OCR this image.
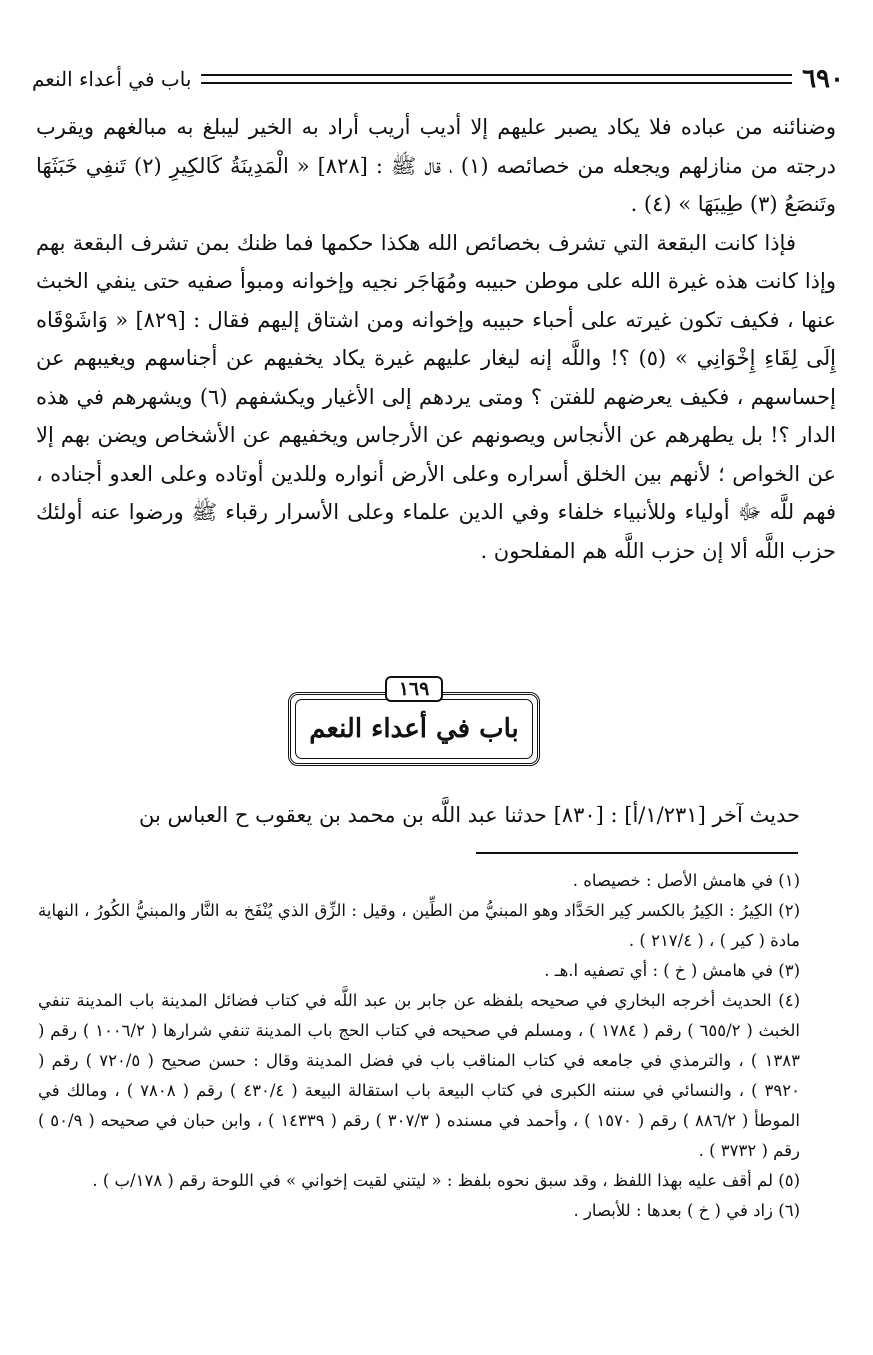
٦٩٠
باب في أعداء النعم

وضنائنه من عباده فلا يكاد يصبر عليهم إلا أديب أريب أراد به الخير ليبلغ به مبالغهم ويقرب درجته من منازلهم ويجعله من خصائصه (١) ، قال ﷺ : [٨٢٨] « الْمَدِينَةُ كَالكِيرِ (٢) تَنفِي خَبَثَهَا وتَنصَعُ (٣) طِيبَهَا » (٤) .

فإذا كانت البقعة التي تشرف بخصائص الله هكذا حكمها فما ظنك بمن تشرف البقعة بهم وإذا كانت هذه غيرة الله على موطن حبيبه ومُهَاجَر نجيه وإخوانه ومبوأ صفيه حتى ينفي الخبث عنها ، فكيف تكون غيرته على أحباء حبيبه وإخوانه ومن اشتاق إليهم فقال : [٨٢٩] « وَاشَوْقَاه إِلَى لِقَاءِ إِخْوَانِي » (٥) ؟! واللَّه إنه ليغار عليهم غيرة يكاد يخفيهم عن أجناسهم ويغيبهم عن إحساسهم ، فكيف يعرضهم للفتن ؟ ومتى يردهم إلى الأغيار ويكشفهم (٦) ويشهرهم في هذه الدار ؟! بل يطهرهم عن الأنجاس ويصونهم عن الأرجاس ويخفيهم عن الأشخاص ويضن بهم إلا عن الخواص ؛ لأنهم بين الخلق أسراره وعلى الأرض أنواره وللدين أوتاده وعلى العدو أجناده ، فهم للَّه ﷻ أولياء وللأنبياء خلفاء وفي الدين علماء وعلى الأسرار رقباء ﷺ ورضوا عنه أولئك حزب اللَّه ألا إن حزب اللَّه هم المفلحون .

١٦٩
باب في أعداء النعم
حديث آخر [١/٢٣١/أ] : [٨٣٠] حدثنا عبد اللَّه بن محمد بن يعقوب ح العباس بن

(١) في هامش الأصل : خصيصاه .

(٢) الكِيرُ : الكِيرُ بالكسر كِير الحَدَّاد وهو المبنيُّ من الطِّين ، وقيل : الزِّق الذي يُنْفَخ به النَّار والمبنيُّ الكُورُ ، النهاية مادة ( كير ) ، ( ٢١٧/٤ ) .

(٣) في هامش ( خ ) : أي تصفيه ا.هـ .

(٤) الحديث أخرجه البخاري في صحيحه بلفظه عن جابر بن عبد اللَّه في كتاب فضائل المدينة باب المدينة تنفي الخبث ( ٦٥٥/٢ ) رقم ( ١٧٨٤ ) ، ومسلم في صحيحه في كتاب الحج باب المدينة تنفي شرارها ( ١٠٠٦/٢ ) رقم ( ١٣٨٣ ) ، والترمذي في جامعه في كتاب المناقب باب في فضل المدينة وقال : حسن صحيح ( ٧٢٠/٥ ) رقم ( ٣٩٢٠ ) ، والنسائي في سننه الكبرى في كتاب البيعة باب استقالة البيعة ( ٤٣٠/٤ ) رقم ( ٧٨٠٨ ) ، ومالك في الموطأ ( ٨٨٦/٢ ) رقم ( ١٥٧٠ ) ، وأحمد في مسنده ( ٣٠٧/٣ ) رقم ( ١٤٣٣٩ ) ، وابن حبان في صحيحه ( ٥٠/٩ ) رقم ( ٣٧٣٢ ) .

(٥) لم أقف عليه بهذا اللفظ ، وقد سبق نحوه بلفظ : « ليتني لقيت إخواني » في اللوحة رقم ( ١٧٨/ب ) .

(٦) زاد في ( خ ) بعدها : للأبصار .
